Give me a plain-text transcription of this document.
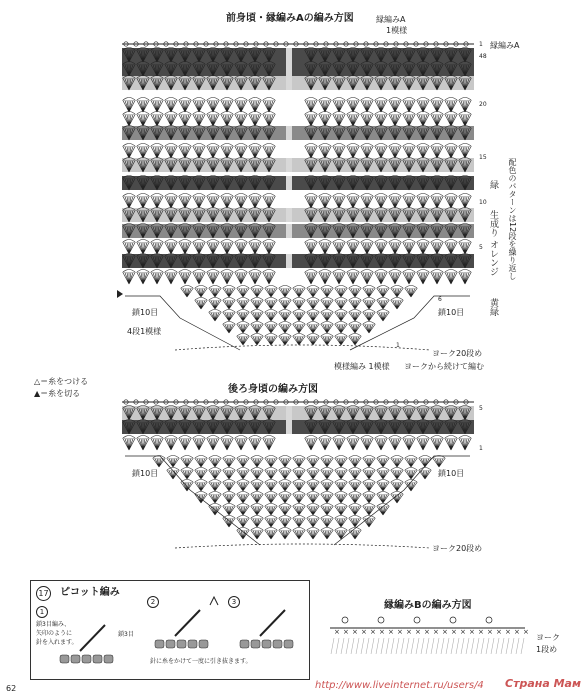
× × × × × × × × × × × × × × × × × × × × × ×
前身頃・縁編みAの編み方図	縁編みA
1模様
縁編みA
1
48
20
15
10
5
6
1
配色のパターンは12段を繰り返し
緑
生成り
オレンジ
黄緑
鎖10目	鎖10目
4段1模様
模様編み 1模様
ヨーク20段め
ヨークから続けて編む
△＝糸をつける
▲＝糸を切る	後ろ身頃の編み方図
5
1
鎖10目	鎖10目
ヨーク20段め
17 ピコット編み
1
2	3
鎖3目編み、
矢印のように
針を入れます。
鎖3目
針に糸をかけて一度に引き抜きます。
縁編みBの編み方図
ヨーク
1段め
62	http://www.liveinternet.ru/users/4 Страна Мам
